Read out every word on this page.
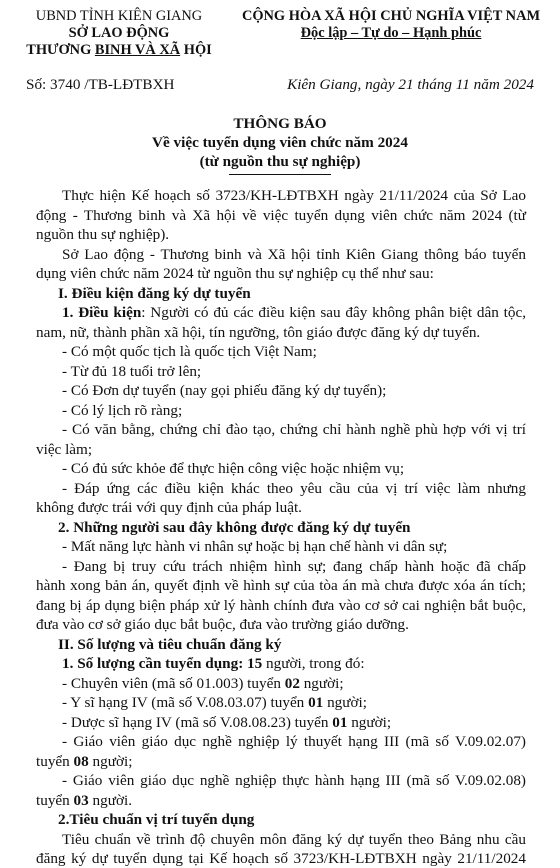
UBND TỈNH KIÊN GIANG
SỞ LAO ĐỘNG
THƯƠNG BINH VÀ XÃ HỘI
CỘNG HÒA XÃ HỘI CHỦ NGHĨA VIỆT NAM
Độc lập – Tự do – Hạnh phúc
Số: 3740 /TB-LĐTBXH	Kiên Giang, ngày 21 tháng 11 năm 2024
THÔNG BÁO
Về việc tuyển dụng viên chức năm 2024
(từ nguồn thu sự nghiệp)
Thực hiện Kế hoạch số 3723/KH-LĐTBXH ngày 21/11/2024 của Sở Lao
động - Thương binh và Xã hội về việc tuyển dụng viên chức năm 2024 (từ
nguồn thu sự nghiệp).
Sở Lao động - Thương binh và Xã hội tỉnh Kiên Giang thông báo tuyển
dụng viên chức năm 2024 từ nguồn thu sự nghiệp cụ thể như sau:
I. Điều kiện đăng ký dự tuyển
1. Điều kiện: Người có đủ các điều kiện sau đây không phân biệt dân tộc,
nam, nữ, thành phần xã hội, tín ngưỡng, tôn giáo được đăng ký dự tuyển.
- Có một quốc tịch là quốc tịch Việt Nam;
- Từ đủ 18 tuổi trở lên;
- Có Đơn dự tuyển (nay gọi phiếu đăng ký dự tuyển);
- Có lý lịch rõ ràng;
- Có văn bằng, chứng chỉ đào tạo, chứng chỉ hành nghề phù hợp với vị trí
việc làm;
- Có đủ sức khỏe để thực hiện công việc hoặc nhiệm vụ;
- Đáp ứng các điều kiện khác theo yêu cầu của vị trí việc làm nhưng
không được trái với quy định của pháp luật.
2. Những người sau đây không được đăng ký dự tuyển
- Mất năng lực hành vi nhân sự hoặc bị hạn chế hành vi dân sự;
- Đang bị truy cứu trách nhiệm hình sự; đang chấp hành hoặc đã chấp
hành xong bản án, quyết định về hình sự của tòa án mà chưa được xóa án tích;
đang bị áp dụng biện pháp xử lý hành chính đưa vào cơ sở cai nghiện bắt buộc,
đưa vào cơ sở giáo dục bắt buộc, đưa vào trường giáo dưỡng.
II. Số lượng và tiêu chuẩn đăng ký
1. Số lượng cần tuyển dụng: 15 người, trong đó:
- Chuyên viên (mã số 01.003) tuyển 02 người;
- Y sĩ hạng IV (mã số V.08.03.07) tuyển 01 người;
- Dược sĩ hạng IV (mã số V.08.08.23) tuyển 01 người;
- Giáo viên giáo dục nghề nghiệp lý thuyết hạng III (mã số V.09.02.07)
tuyển 08 người;
- Giáo viên giáo dục nghề nghiệp thực hành hạng III (mã số V.09.02.08)
tuyển 03 người.
2.Tiêu chuẩn vị trí tuyển dụng
Tiêu chuẩn về trình độ chuyên môn đăng ký dự tuyển theo Bảng nhu cầu
đăng ký dự tuyển dụng tại Kế hoạch số 3723/KH-LĐTBXH ngày 21/11/2024
